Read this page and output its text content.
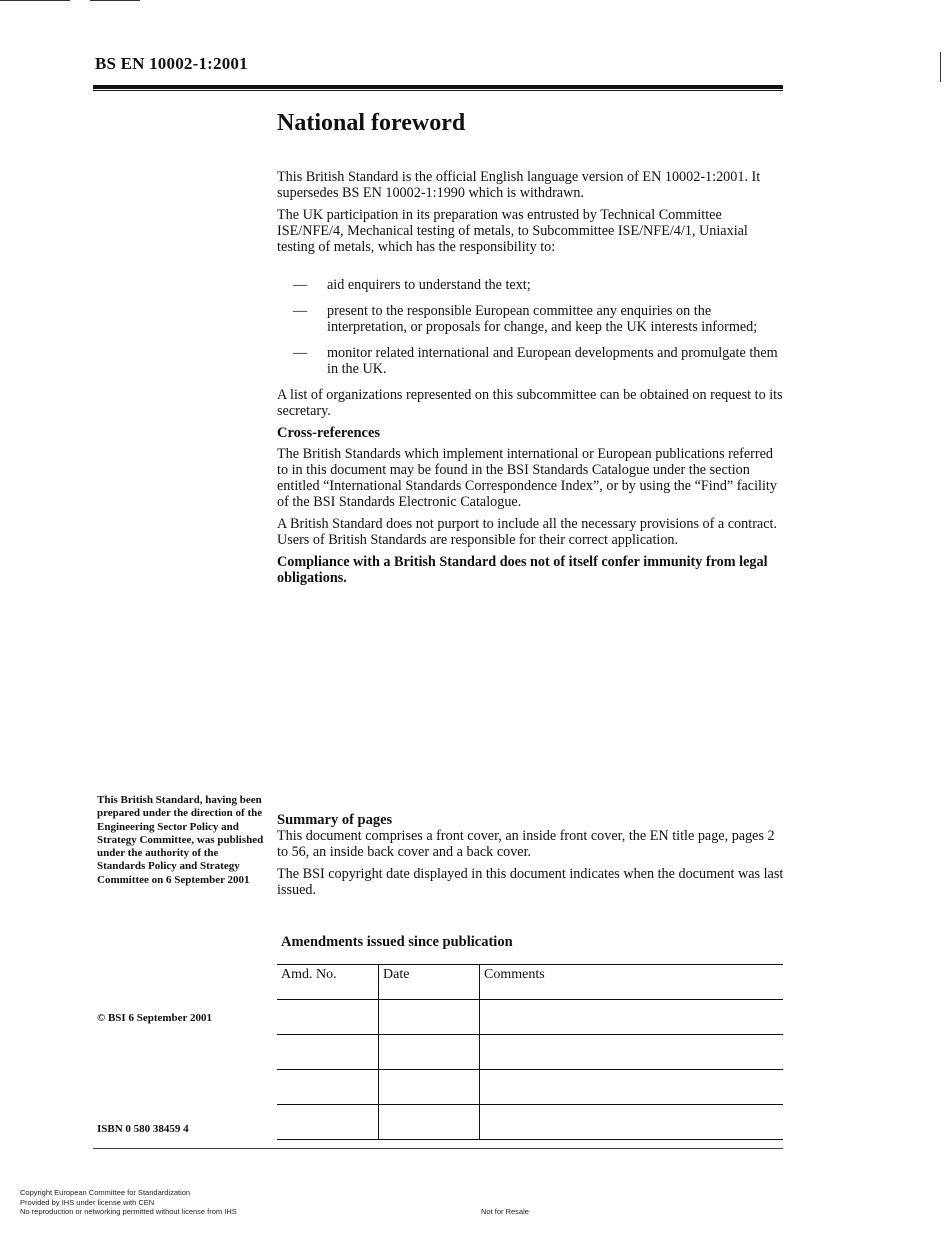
BS EN 10002-1:2001
National foreword

This British Standard is the official English language version of EN 10002-1:2001. It supersedes BS EN 10002-1:1990 which is withdrawn.

The UK participation in its preparation was entrusted by Technical Committee ISE/NFE/4, Mechanical testing of metals, to Subcommittee ISE/NFE/4/1, Uniaxial testing of metals, which has the responsibility to:

— aid enquirers to understand the text;
— present to the responsible European committee any enquiries on the interpretation, or proposals for change, and keep the UK interests informed;
— monitor related international and European developments and promulgate them in the UK.

A list of organizations represented on this subcommittee can be obtained on request to its secretary.

Cross-references

The British Standards which implement international or European publications referred to in this document may be found in the BSI Standards Catalogue under the section entitled “International Standards Correspondence Index”, or by using the “Find” facility of the BSI Standards Electronic Catalogue.

A British Standard does not purport to include all the necessary provisions of a contract. Users of British Standards are responsible for their correct application.

Compliance with a British Standard does not of itself confer immunity from legal obligations.

This British Standard, having been prepared under the direction of the Engineering Sector Policy and Strategy Committee, was published under the authority of the Standards Policy and Strategy Committee on 6 September 2001
© BSI 6 September 2001
ISBN 0 580 38459 4
Summary of pages

This document comprises a front cover, an inside front cover, the EN title page, pages 2 to 56, an inside back cover and a back cover.

The BSI copyright date displayed in this document indicates when the document was last issued.

Amendments issued since publication
Amd. No.	Date	Comments

Copyright European Committee for Standardization
Provided by IHS under license with CEN
No reproduction or networking permitted without license from IHS	Not for Resale
